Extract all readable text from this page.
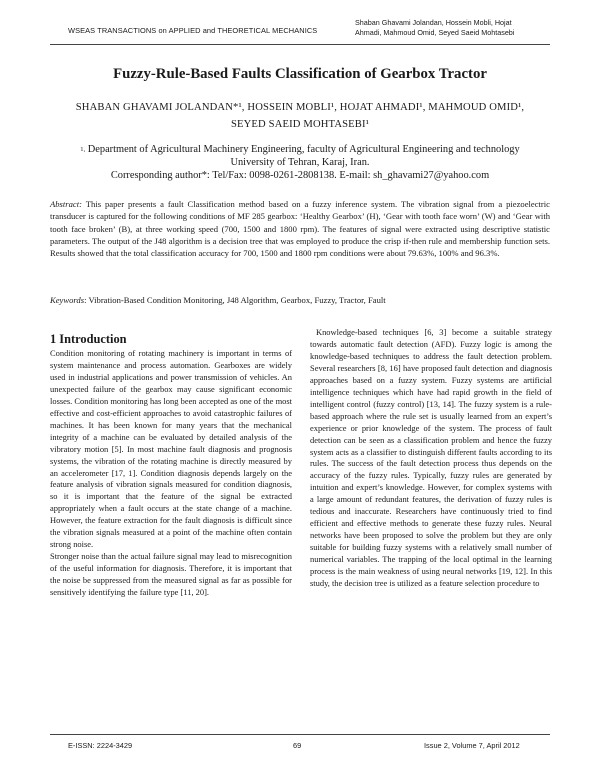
WSEAS TRANSACTIONS on APPLIED and THEORETICAL MECHANICS
Shaban Ghavami Jolandan, Hossein Mobli, Hojat
Ahmadi, Mahmoud Omid, Seyed Saeid Mohtasebi
Fuzzy-Rule-Based Faults Classification of Gearbox Tractor
SHABAN GHAVAMI JOLANDAN*¹, HOSSEIN MOBLI¹, HOJAT AHMADI¹, MAHMOUD OMID¹,
SEYED SAEID MOHTASEBI¹
$^{1,}$ Department of Agricultural Machinery Engineering, faculty of Agricultural Engineering and technology
University of Tehran, Karaj, Iran.
Corresponding author*: Tel/Fax: 0098-0261-2808138. E-mail: sh_ghavami27@yahoo.com
Abstract: This paper presents a fault Classification method based on a fuzzy inference system. The vibration signal from a piezoelectric transducer is captured for the following conditions of MF 285 gearbox: ‘Healthy Gearbox’ (H), ‘Gear with tooth face worn’ (W) and ‘Gear with tooth face broken’ (B), at three working speed (700, 1500 and 1800 rpm). The features of signal were extracted using descriptive statistic parameters. The output of the J48 algorithm is a decision tree that was employed to produce the crisp if-then rule and membership function sets. Results showed that the total classification accuracy for 700, 1500 and 1800 rpm conditions were about 79.63%, 100% and 96.3%.
Keywords: Vibration-Based Condition Monitoring, J48 Algorithm, Gearbox, Fuzzy, Tractor, Fault
1 Introduction

Condition monitoring of rotating machinery is important in terms of system maintenance and process automation. Gearboxes are widely used in industrial applications and power transmission of vehicles. An unexpected failure of the gearbox may cause significant economic losses. Condition monitoring has long been accepted as one of the most effective and cost-efficient approaches to avoid catastrophic failures of machines. It has been known for many years that the mechanical integrity of a machine can be evaluated by detailed analysis of the vibratory motion [5]. In most machine fault diagnosis and prognosis systems, the vibration of the rotating machine is directly measured by an accelerometer [17, 1]. Condition diagnosis depends largely on the feature analysis of vibration signals measured for condition diagnosis, so it is important that the feature of the signal be extracted appropriately when a fault occurs at the state change of a machine. However, the feature extraction for the fault diagnosis is difficult since the vibration signals measured at a point of the machine often contain strong noise.

Stronger noise than the actual failure signal may lead to misrecognition of the useful information for diagnosis. Therefore, it is important that the noise be suppressed from the measured signal as far as possible for sensitively identifying the failure type [11, 20].

Knowledge-based techniques [6, 3] become a suitable strategy towards automatic fault detection (AFD). Fuzzy logic is among the knowledge-based techniques to address the fault detection problem. Several researchers [8, 16] have proposed fault detection and diagnosis approaches based on a fuzzy system. Fuzzy systems are artificial intelligence techniques which have had rapid growth in the field of intelligent control (fuzzy control) [13, 14]. The fuzzy system is a rule-based approach where the rule set is usually learned from an expert’s experience or prior knowledge of the system. The process of fault detection can be seen as a classification problem and hence the fuzzy system acts as a classifier to distinguish different faults according to its rules. The success of the fault detection process thus depends on the accuracy of the fuzzy rules. Typically, fuzzy rules are generated by intuition and expert’s knowledge. However, for complex systems with a large amount of redundant features, the derivation of fuzzy rules is tedious and inaccurate. Researchers have continuously tried to find efficient and effective methods to generate these fuzzy rules. Neural networks have been proposed to solve the problem but they are only suitable for building fuzzy systems with a relatively small number of numerical variables. The trapping of the local optimal in the learning process is the main weakness of using neural networks [19, 12]. In this study, the decision tree is utilized as a feature selection procedure to

E-ISSN: 2224-3429	69	Issue 2, Volume 7, April 2012
